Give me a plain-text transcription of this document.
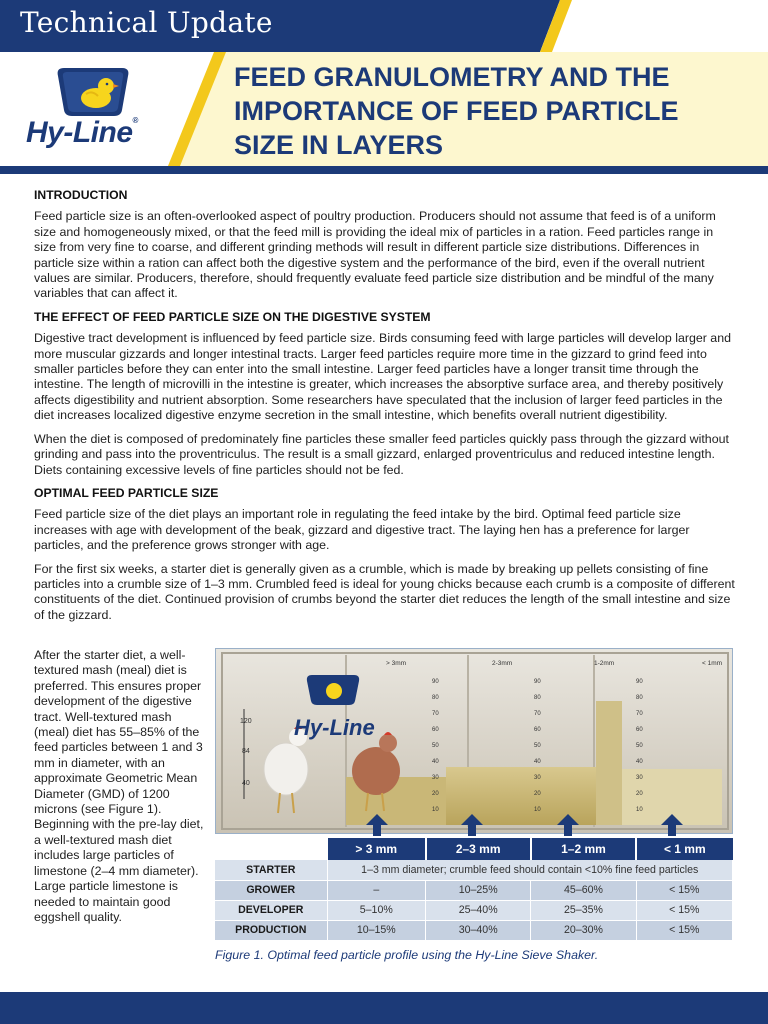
Technical Update
Hy-Line®
FEED GRANULOMETRY AND THE
IMPORTANCE OF FEED PARTICLE
SIZE IN LAYERS
INTRODUCTION

Feed particle size is an often-overlooked aspect of poultry production. Producers should not assume that feed is of a uniform size and homogeneously mixed, or that the feed mill is providing the ideal mix of particles in a ration. Feed particles range in size from very fine to coarse, and different grinding methods will result in different particle size distributions. Differences in particle size within a ration can affect both the digestive system and the performance of the bird, even if the overall nutrient values are similar. Producers, therefore, should frequently evaluate feed particle size distribution and be mindful of the many variables that can affect it.

THE EFFECT OF FEED PARTICLE SIZE ON THE DIGESTIVE SYSTEM

Digestive tract development is influenced by feed particle size. Birds consuming feed with large particles will develop larger and more muscular gizzards and longer intestinal tracts. Larger feed particles require more time in the gizzard to grind feed into smaller particles before they can enter into the small intestine. Larger feed particles have a longer transit time through the intestine. The length of microvilli in the intestine is greater, which increases the absorptive surface area, and thereby positively affects digestibility and nutrient absorption. Some researchers have speculated that the inclusion of larger feed particles in the diet increases localized digestive enzyme secretion in the small intestine, which benefits overall nutrient digestibility.

When the diet is composed of predominately fine particles these smaller feed particles quickly pass through the gizzard without grinding and pass into the proventriculus. The result is a small gizzard, enlarged proventriculus and reduced intestine length. Diets containing excessive levels of fine particles should not be fed.

OPTIMAL FEED PARTICLE SIZE

Feed particle size of the diet plays an important role in regulating the feed intake by the bird. Optimal feed particle size increases with age with development of the beak, gizzard and digestive tract. The laying hen has a preference for larger particles, and the preference grows stronger with age.

For the first six weeks, a starter diet is generally given as a crumble, which is made by breaking up pellets consisting of fine particles into a crumble size of 1–3 mm. Crumbled feed is ideal for young chicks because each crumb is a composite of different constituents of the diet. Continued provision of crumbs beyond the starter diet reduces the length of the small intestine and size of the gizzard.

After the starter diet, a well-textured mash (meal) diet is preferred. This ensures proper development of the digestive tract. Well-textured mash (meal) diet has 55–85% of the feed particles between 1 and 3 mm in diameter, with an approximate Geometric Mean Diameter (GMD) of 1200 microns (see Figure 1). Beginning with the pre-lay diet, a well-textured mash diet includes large particles of limestone (2–4 mm diameter). Large particle limestone is needed to maintain good eggshell quality.
Hy-Line
120
84
40
90
80
70
60
50
40
30
20
10
90
80
70
60
50
40
30
20
10
90
80
70
60
50
40
30
20
10
> 3mm	2-3mm	1-2mm	< 1mm
	> 3 mm	2–3 mm	1–2 mm	< 1 mm
STARTER	1–3 mm diameter; crumble feed should contain <10% fine feed particles			
GROWER	–	10–25%	45–60%	< 15%
DEVELOPER	5–10%	25–40%	25–35%	< 15%
PRODUCTION	10–15%	30–40%	20–30%	< 15%
Figure 1. Optimal feed particle profile using the Hy-Line Sieve Shaker.
